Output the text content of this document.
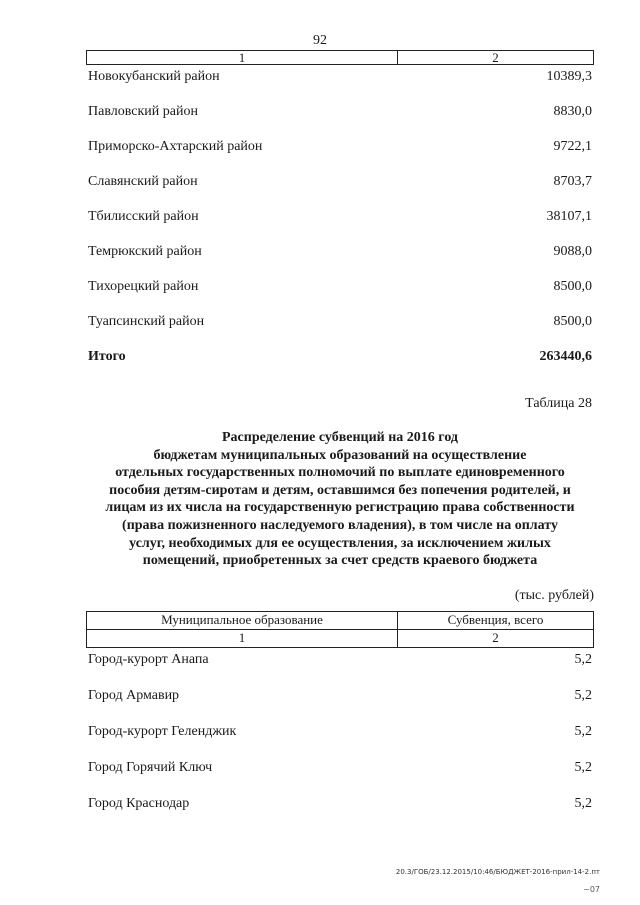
92
1	2
Новокубанский район	10389,3
Павловский район	8830,0
Приморско-Ахтарский район	9722,1
Славянский район	8703,7
Тбилисский район	38107,1
Темрюкский район	9088,0
Тихорецкий район	8500,0
Туапсинский район	8500,0
Итого	263440,6
Таблица 28
Распределение субвенций на 2016 год
бюджетам муниципальных образований на осуществление
отдельных государственных полномочий по выплате единовременного
пособия детям-сиротам и детям, оставшимся без попечения родителей, и
лицам из их числа на государственную регистрацию права собственности
(права пожизненного наследуемого владения), в том числе на оплату
услуг, необходимых для ее осуществления, за исключением жилых
помещений, приобретенных за счет средств краевого бюджета
(тыс. рублей)
Муниципальное образование	Субвенция, всего
1	2
Город-курорт Анапа	5,2
Город Армавир	5,2
Город-курорт Геленджик	5,2
Город Горячий Ключ	5,2
Город Краснодар	5,2
20.3/ГОБ/23.12.2015/10:46/БЮДЖЕТ-2016-прил-14-2.пт
~07
